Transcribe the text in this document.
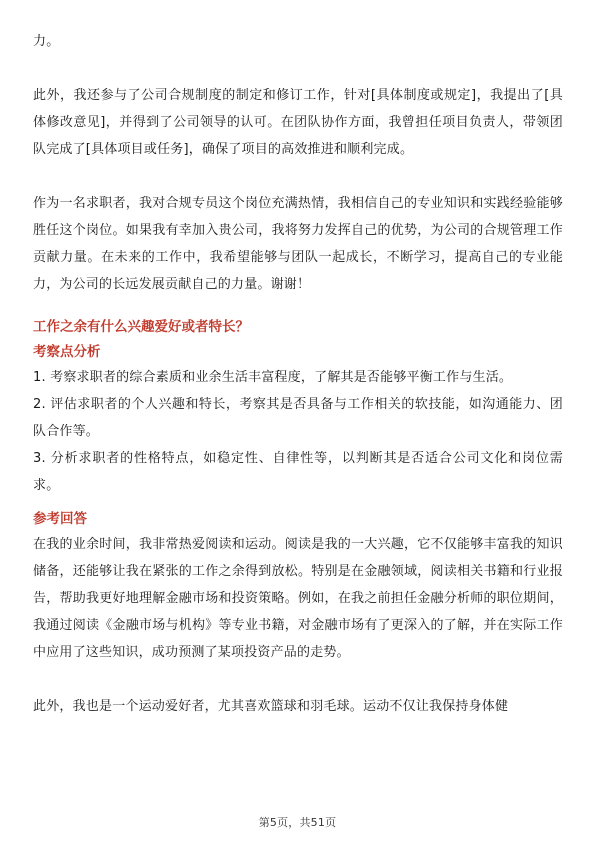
力。

此外，我还参与了公司合规制度的制定和修订工作，针对[具体制度或规定]，我提出了[具体修改意见]，并得到了公司领导的认可。在团队协作方面，我曾担任项目负责人，带领团队完成了[具体项目或任务]，确保了项目的高效推进和顺利完成。

作为一名求职者，我对合规专员这个岗位充满热情，我相信自己的专业知识和实践经验能够胜任这个岗位。如果我有幸加入贵公司，我将努力发挥自己的优势，为公司的合规管理工作贡献力量。在未来的工作中，我希望能够与团队一起成长，不断学习，提高自己的专业能力，为公司的长远发展贡献自己的力量。谢谢！

工作之余有什么兴趣爱好或者特长？
考察点分析
1. 考察求职者的综合素质和业余生活丰富程度，了解其是否能够平衡工作与生活。
2. 评估求职者的个人兴趣和特长，考察其是否具备与工作相关的软技能，如沟通能力、团队合作等。
3. 分析求职者的性格特点，如稳定性、自律性等，以判断其是否适合公司文化和岗位需求。
参考回答

在我的业余时间，我非常热爱阅读和运动。阅读是我的一大兴趣，它不仅能够丰富我的知识储备，还能够让我在紧张的工作之余得到放松。特别是在金融领域，阅读相关书籍和行业报告，帮助我更好地理解金融市场和投资策略。例如，在我之前担任金融分析师的职位期间，我通过阅读《金融市场与机构》等专业书籍，对金融市场有了更深入的了解，并在实际工作中应用了这些知识，成功预测了某项投资产品的走势。

此外，我也是一个运动爱好者，尤其喜欢篮球和羽毛球。运动不仅让我保持身体健

第5页，共51页
